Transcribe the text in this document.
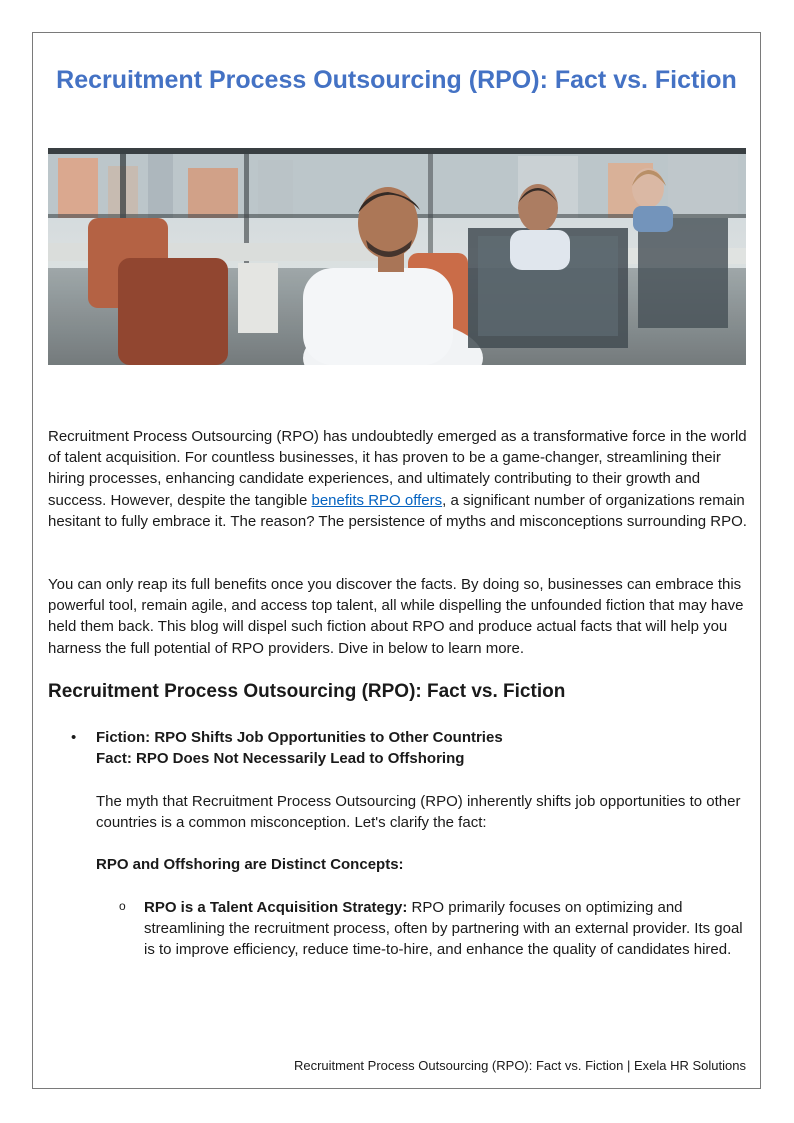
Recruitment Process Outsourcing (RPO): Fact vs. Fiction

Recruitment Process Outsourcing (RPO) has undoubtedly emerged as a transformative force in the world of talent acquisition. For countless businesses, it has proven to be a game-changer, streamlining their hiring processes, enhancing candidate experiences, and ultimately contributing to their growth and success. However, despite the tangible benefits RPO offers, a significant number of organizations remain hesitant to fully embrace it. The reason? The persistence of myths and misconceptions surrounding RPO.

You can only reap its full benefits once you discover the facts. By doing so, businesses can embrace this powerful tool, remain agile, and access top talent, all while dispelling the unfounded fiction that may have held them back. This blog will dispel such fiction about RPO and produce actual facts that will help you harness the full potential of RPO providers. Dive in below to learn more.

Recruitment Process Outsourcing (RPO): Fact vs. Fiction
• Fiction: RPO Shifts Job Opportunities to Other Countries

Fact: RPO Does Not Necessarily Lead to Offshoring

The myth that Recruitment Process Outsourcing (RPO) inherently shifts job opportunities to other countries is a common misconception. Let's clarify the fact:

RPO and Offshoring are Distinct Concepts:

o RPO is a Talent Acquisition Strategy: RPO primarily focuses on optimizing and streamlining the recruitment process, often by partnering with an external provider. Its goal is to improve efficiency, reduce time-to-hire, and enhance the quality of candidates hired.

Recruitment Process Outsourcing (RPO): Fact vs. Fiction | Exela HR Solutions
